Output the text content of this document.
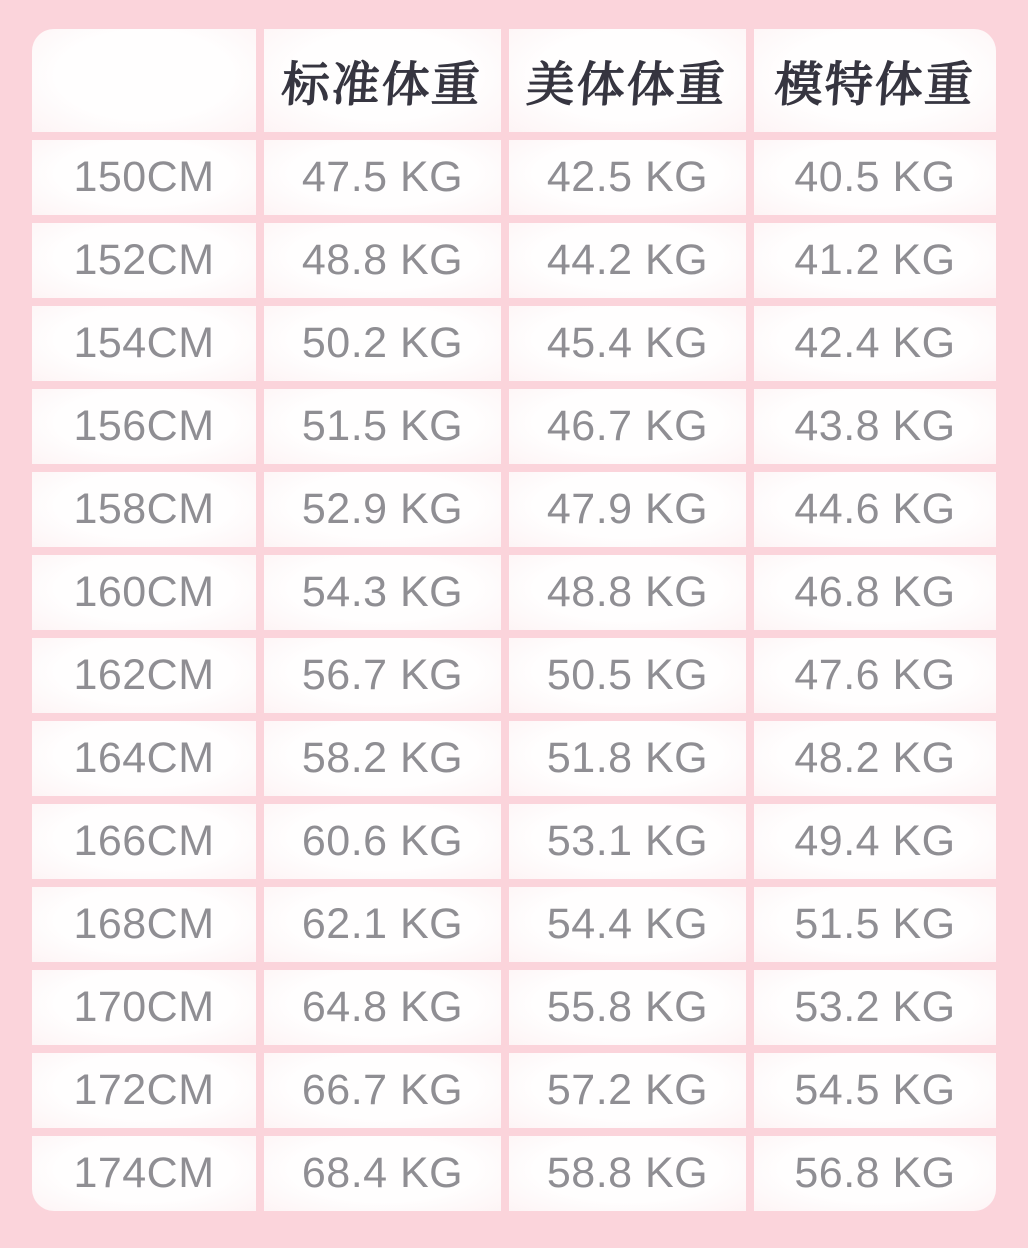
标准体重 美体体重 模特体重
150CM 47.5 KG 42.5 KG 40.5 KG
152CM 48.8 KG 44.2 KG 41.2 KG
154CM 50.2 KG 45.4 KG 42.4 KG
156CM 51.5 KG 46.7 KG 43.8 KG
158CM 52.9 KG 47.9 KG 44.6 KG
160CM 54.3 KG 48.8 KG 46.8 KG
162CM 56.7 KG 50.5 KG 47.6 KG
164CM 58.2 KG 51.8 KG 48.2 KG
166CM 60.6 KG 53.1 KG 49.4 KG
168CM 62.1 KG 54.4 KG 51.5 KG
170CM 64.8 KG 55.8 KG 53.2 KG
172CM 66.7 KG 57.2 KG 54.5 KG
174CM 68.4 KG 58.8 KG 56.8 KG
